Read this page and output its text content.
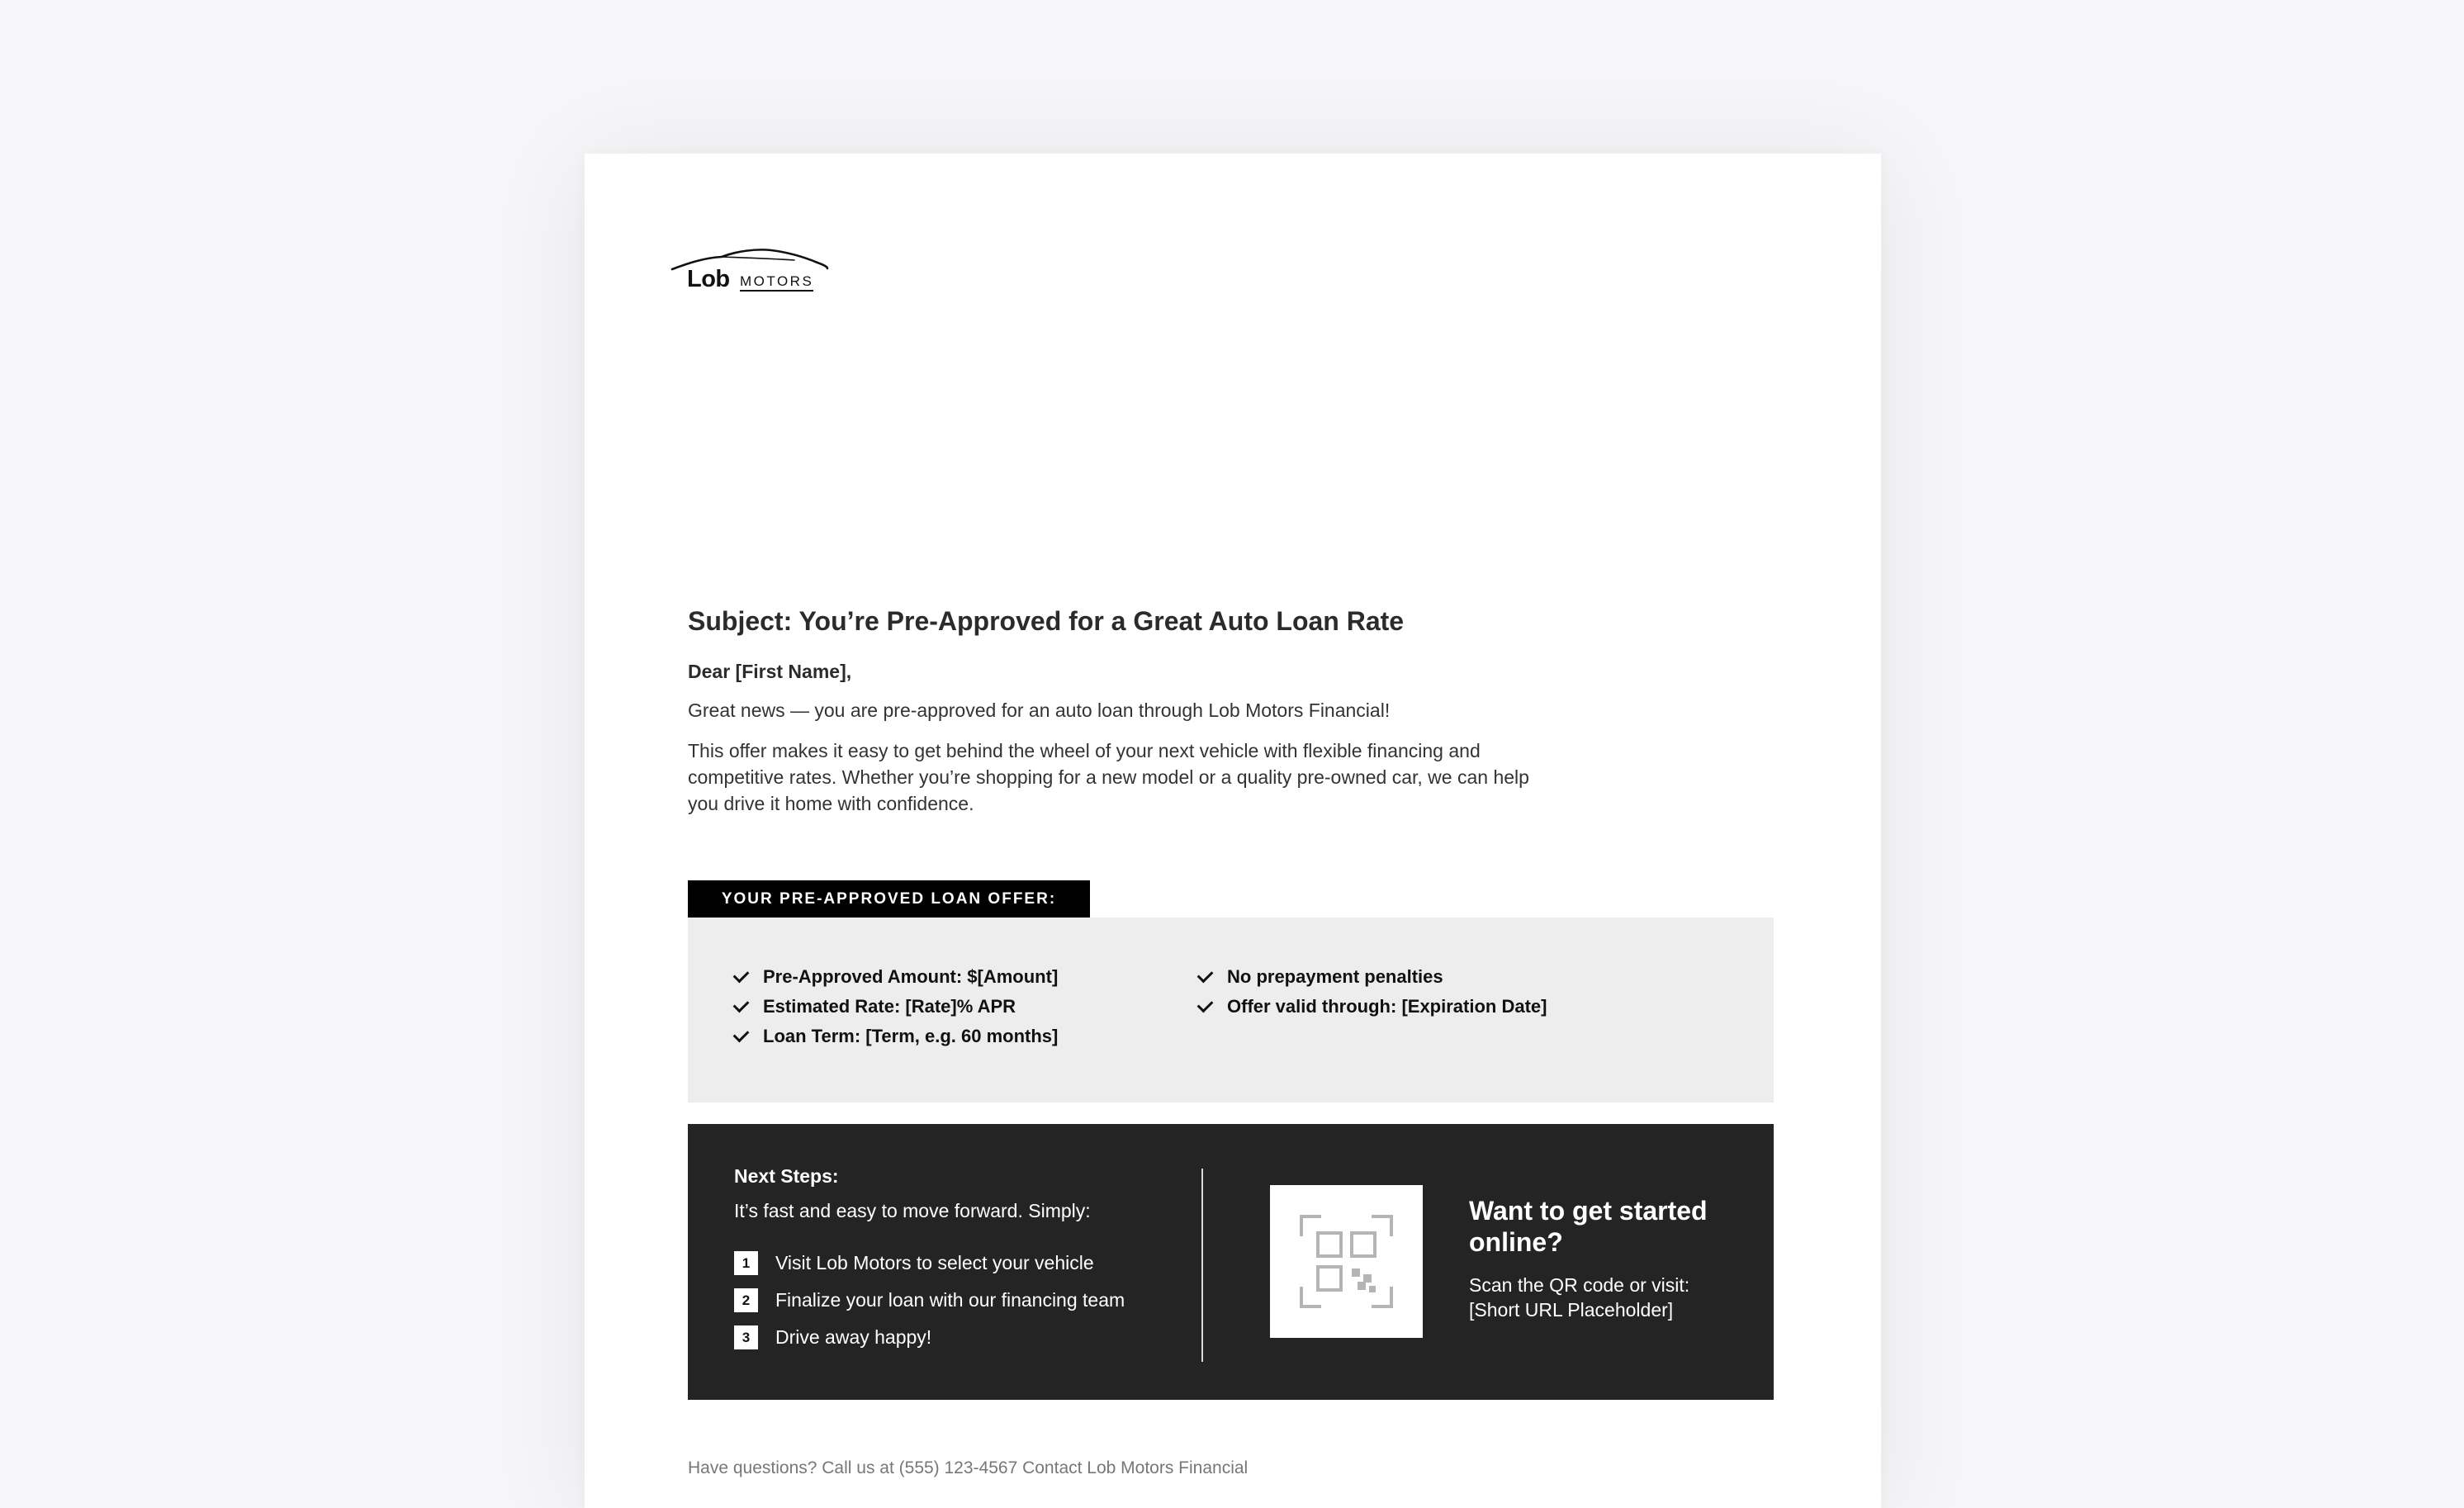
Lob MOTORS
Subject: You’re Pre-Approved for a Great Auto Loan Rate
Dear [First Name],
Great news — you are pre-approved for an auto loan through Lob Motors Financial!
This offer makes it easy to get behind the wheel of your next vehicle with flexible financing and competitive rates. Whether you’re shopping for a new model or a quality pre-owned car, we can help you drive it home with confidence.
YOUR PRE-APPROVED LOAN OFFER:
Pre-Approved Amount: $[Amount]
Estimated Rate: [Rate]% APR
Loan Term: [Term, e.g. 60 months]
No prepayment penalties
Offer valid through: [Expiration Date]
Next Steps:
It’s fast and easy to move forward. Simply:
1	Visit Lob Motors to select your vehicle
2	Finalize your loan with our financing team
3	Drive away happy!
Want to get started online?
Scan the QR code or visit: [Short URL Placeholder]
Have questions? Call us at (555) 123-4567 Contact Lob Motors Financial
